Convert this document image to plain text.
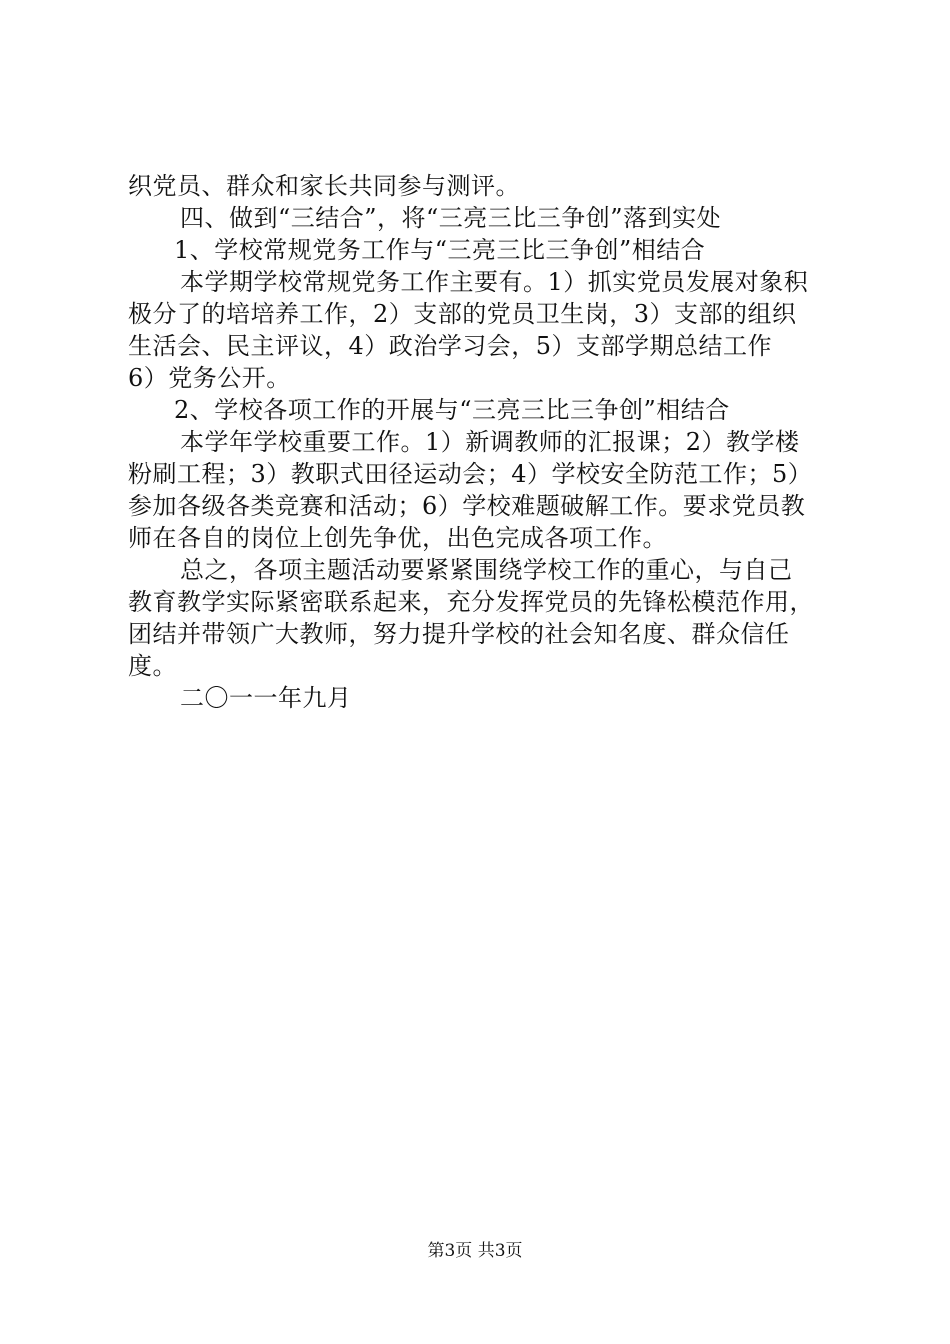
织党员、群众和家长共同参与测评。
四、做到“三结合”，将“三亮三比三争创”落到实处
1、学校常规党务工作与“三亮三比三争创”相结合
本学期学校常规党务工作主要有。1）抓实党员发展对象积
极分了的培培养工作，2）支部的党员卫生岗，3）支部的组织
生活会、民主评议，4）政治学习会，5）支部学期总结工作
6）党务公开。
2、学校各项工作的开展与“三亮三比三争创”相结合
本学年学校重要工作。1）新调教师的汇报课；2）教学楼
粉刷工程；3）教职式田径运动会；4）学校安全防范工作；5）
参加各级各类竞赛和活动；6）学校难题破解工作。要求党员教
师在各自的岗位上创先争优，出色完成各项工作。
总之，各项主题活动要紧紧围绕学校工作的重心，与自己
教育教学实际紧密联系起来，充分发挥党员的先锋松模范作用，
团结并带领广大教师，努力提升学校的社会知名度、群众信任
度。
二〇一一年九月
第3页 共3页
